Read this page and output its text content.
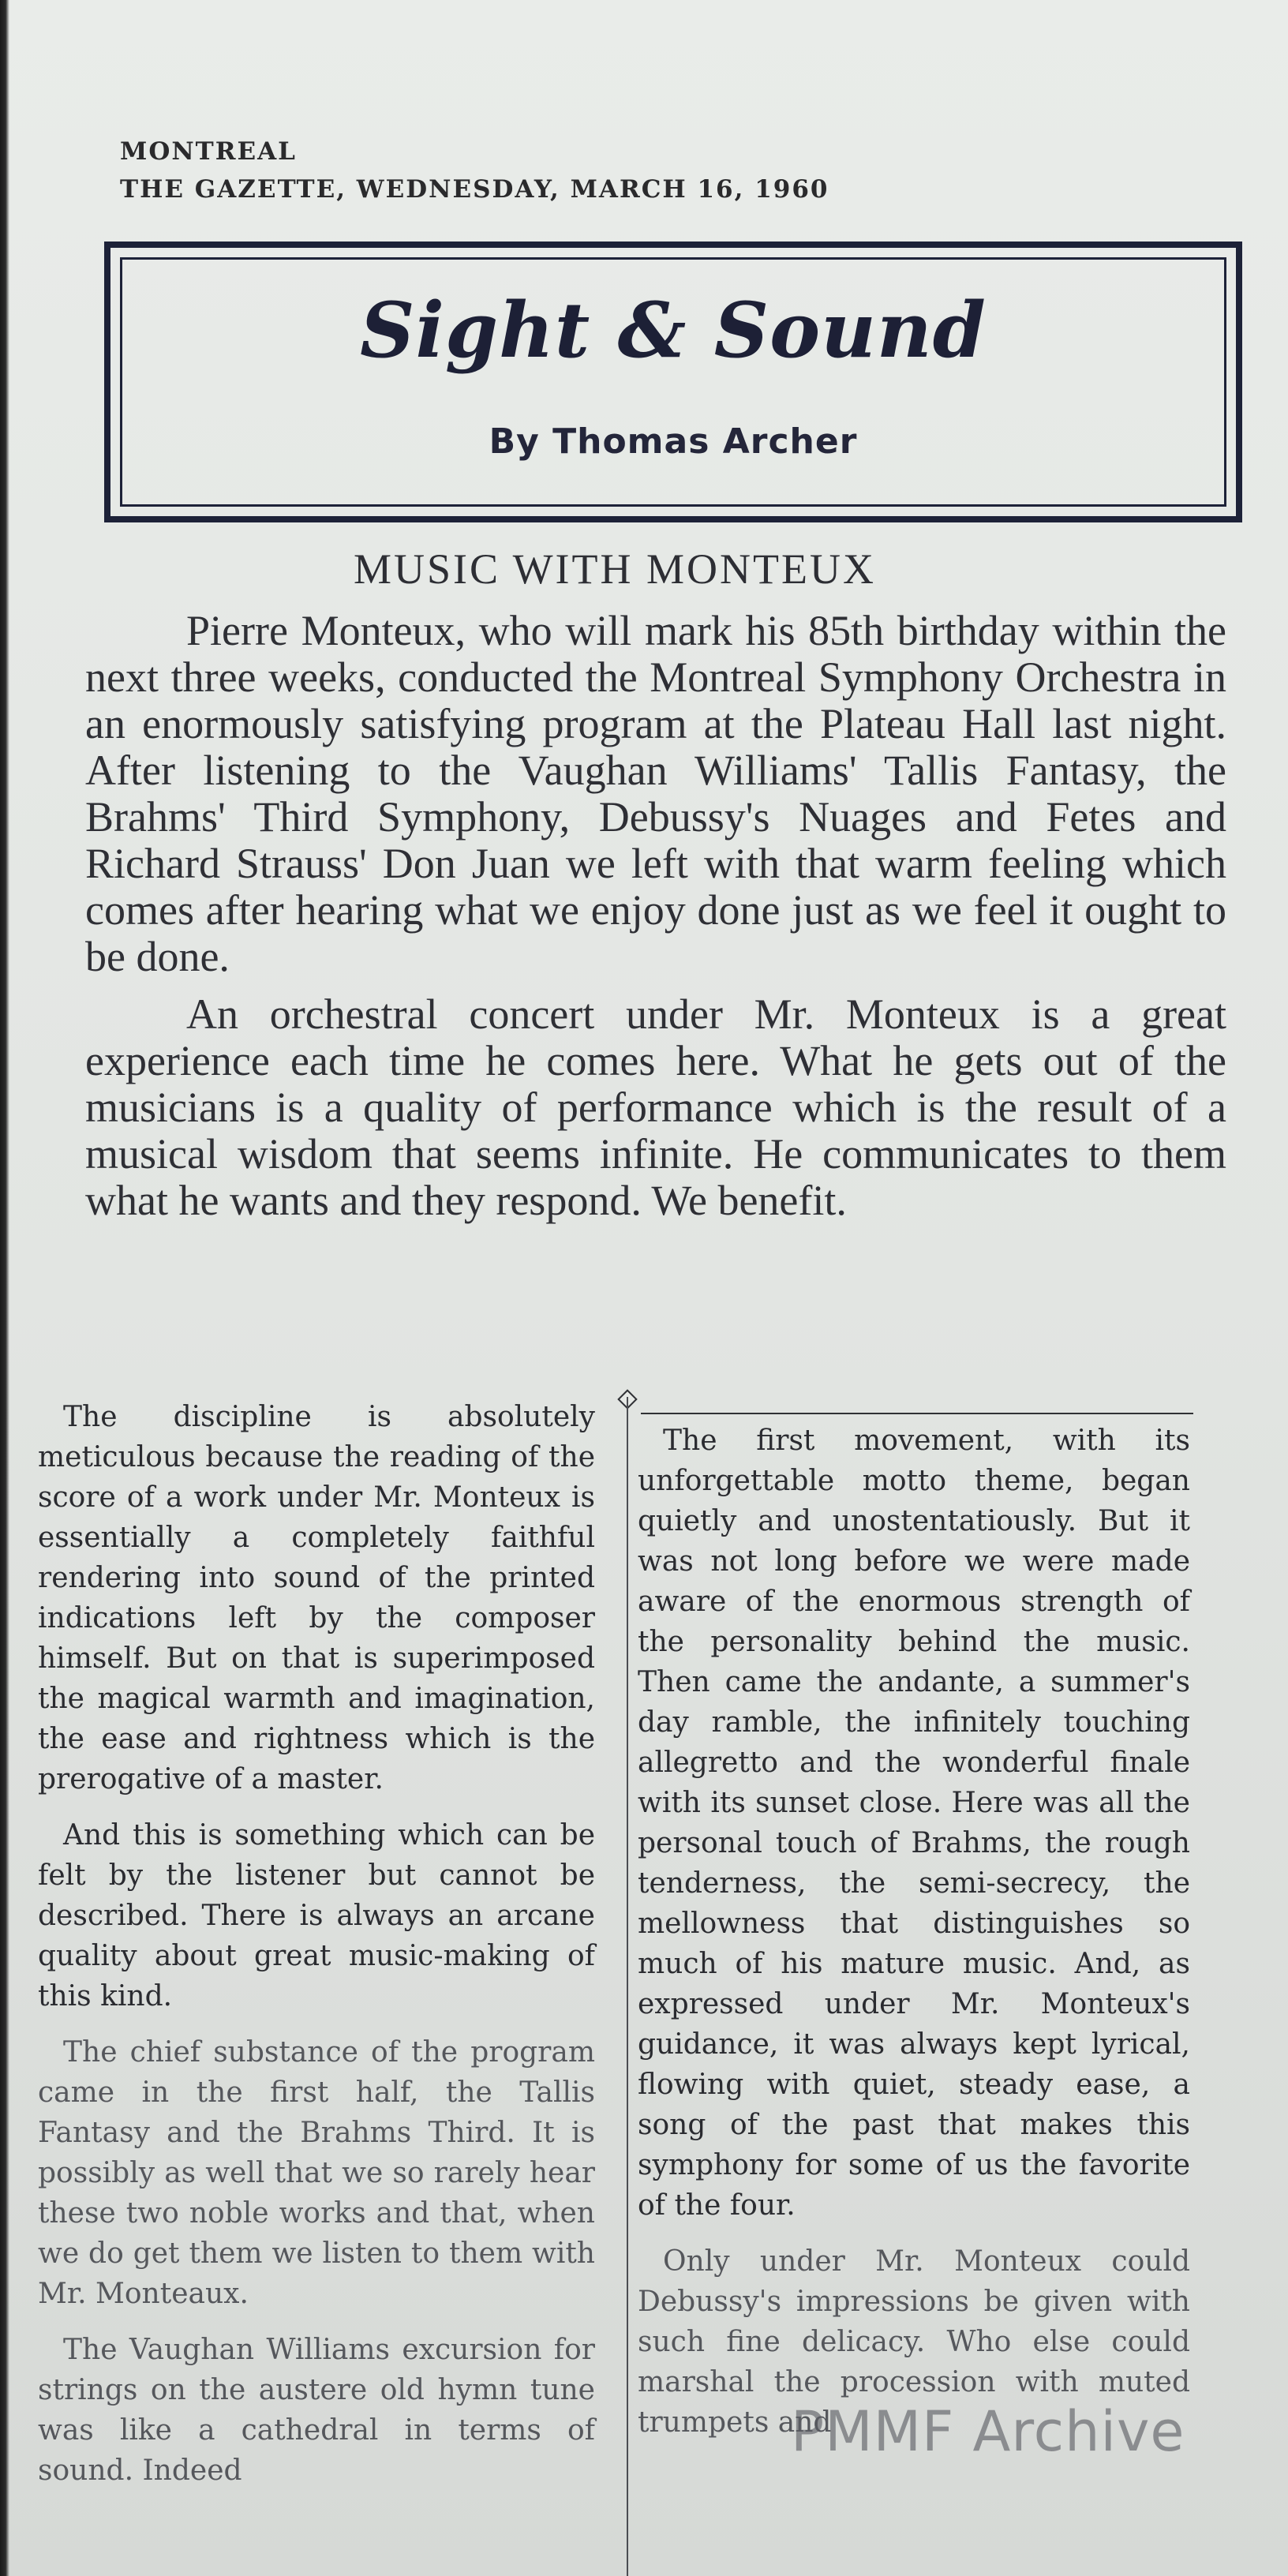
MONTREAL
THE GAZETTE, WEDNESDAY, MARCH 16, 1960
Sight & Sound
By Thomas Archer
MUSIC WITH MONTEUX

Pierre Monteux, who will mark his 85th birthday within the next three weeks, conducted the Montreal Symphony Orchestra in an enormously satisfying program at the Plateau Hall last night. After listening to the Vaughan Williams' Tallis Fantasy, the Brahms' Third Symphony, Debussy's Nuages and Fetes and Richard Strauss' Don Juan we left with that warm feeling which comes after hearing what we enjoy done just as we feel it ought to be done.

An orchestral concert under Mr. Monteux is a great experience each time he comes here. What he gets out of the musicians is a quality of performance which is the result of a musical wisdom that seems infinite. He communicates to them what he wants and they respond. We benefit.

The discipline is absolutely meticulous because the reading of the score of a work under Mr. Monteux is essentially a completely faithful rendering into sound of the printed indications left by the composer himself. But on that is superimposed the magical warmth and imagination, the ease and rightness which is the prerogative of a master.

And this is something which can be felt by the listener but cannot be described. There is always an arcane quality about great music-making of this kind.

The chief substance of the program came in the first half, the Tallis Fantasy and the Brahms Third. It is possibly as well that we so rarely hear these two noble works and that, when we do get them we listen to them with Mr. Monteaux.

The Vaughan Williams excursion for strings on the austere old hymn tune was like a cathedral in terms of sound. Indeed

The first movement, with its unforgettable motto theme, began quietly and unostentatiously. But it was not long before we were made aware of the enormous strength of the personality behind the music. Then came the andante, a summer's day ramble, the infinitely touching allegretto and the wonderful finale with its sunset close. Here was all the personal touch of Brahms, the rough tenderness, the semi-secrecy, the mellowness that distinguishes so much of his mature music. And, as expressed under Mr. Monteux's guidance, it was always kept lyrical, flowing with quiet, steady ease, a song of the past that makes this symphony for some of us the favorite of the four.

Only under Mr. Monteux could Debussy's impressions be given with such fine delicacy. Who else could marshal the procession with muted trumpets and

PMMF Archive
